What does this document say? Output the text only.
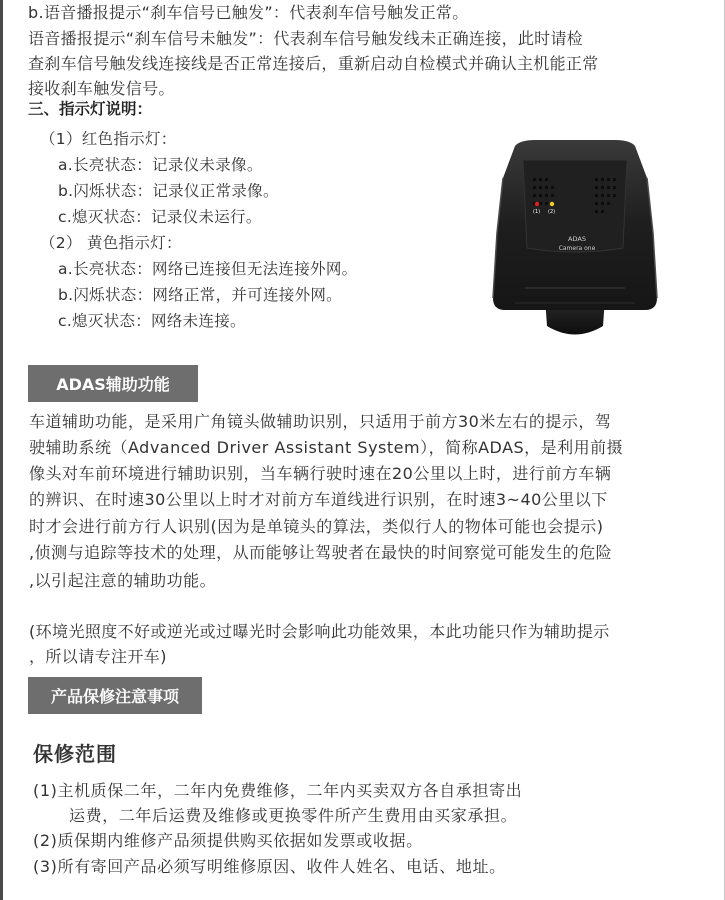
b.语音播报提示“刹车信号已触发”：代表刹车信号触发正常。

语音播报提示“刹车信号未触发”：代表刹车信号触发线未正确连接，此时请检

查刹车信号触发线连接线是否正常连接后，重新启动自检模式并确认主机能正常

接收刹车触发信号。

三、指示灯说明：

（1）红色指示灯：

a.长亮状态：记录仪未录像。

b.闪烁状态：记录仪正常录像。

c.熄灭状态：记录仪未运行。

（2） 黄色指示灯：

a.长亮状态：网络已连接但无法连接外网。

b.闪烁状态：网络正常，并可连接外网。

c.熄灭状态：网络未连接。

(1) (2)
ADAS
Camera one
ADAS辅助功能

车道辅助功能，是采用广角镜头做辅助识别，只适用于前方30米左右的提示，驾

驶辅助系统（Advanced Driver Assistant System），简称ADAS，是利用前摄

像头对车前环境进行辅助识别，当车辆行驶时速在20公里以上时，进行前方车辆

的辨识、在时速30公里以上时才对前方车道线进行识别，在时速3~40公里以下

时才会进行前方行人识别(因为是单镜头的算法，类似行人的物体可能也会提示)

,侦测与追踪等技术的处理，从而能够让驾驶者在最快的时间察觉可能发生的危险

,以引起注意的辅助功能。

(环境光照度不好或逆光或过曝光时会影响此功能效果，本此功能只作为辅助提示

，所以请专注开车)

产品保修注意事项

保修范围

(1)主机质保二年，二年内免费维修，二年内买卖双方各自承担寄出

运费，二年后运费及维修或更换零件所产生费用由买家承担。

(2)质保期内维修产品须提供购买依据如发票或收据。

(3)所有寄回产品必须写明维修原因、收件人姓名、电话、地址。
